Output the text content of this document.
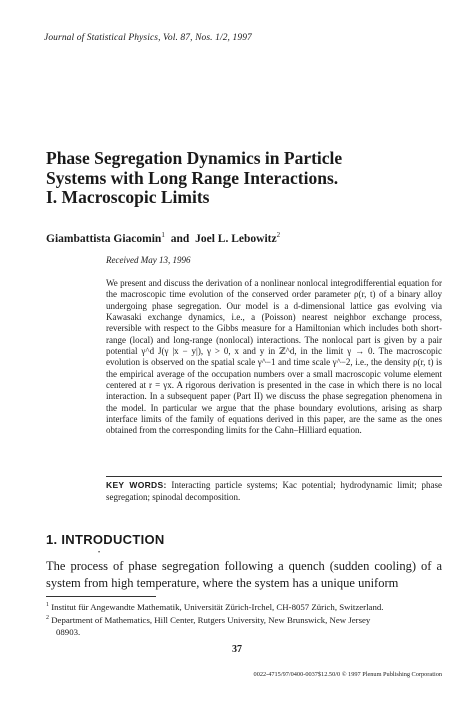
Journal of Statistical Physics, Vol. 87, Nos. 1/2, 1997
Phase Segregation Dynamics in Particle
Systems with Long Range Interactions.
I. Macroscopic Limits
Giambattista Giacomin$^1$ and Joel L. Lebowitz$^2$
Received May 13, 1996

We present and discuss the derivation of a nonlinear nonlocal integrodifferential equation for the macroscopic time evolution of the conserved order parameter ρ(r, t) of a binary alloy undergoing phase segregation. Our model is a d-dimensional lattice gas evolving via Kawasaki exchange dynamics, i.e., a (Poisson) nearest neighbor exchange process, reversible with respect to the Gibbs measure for a Hamiltonian which includes both short-range (local) and long-range (nonlocal) interactions. The nonlocal part is given by a pair potential γ^d J(γ |x − y|), γ > 0, x and y in ℤ^d, in the limit γ → 0. The macroscopic evolution is observed on the spatial scale γ^−1 and time scale γ^−2, i.e., the density ρ(r, t) is the empirical average of the occupation numbers over a small macroscopic volume element centered at r = γx. A rigorous derivation is presented in the case in which there is no local interaction. In a subsequent paper (Part II) we discuss the phase segregation phenomena in the model. In particular we argue that the phase boundary evolutions, arising as sharp interface limits of the family of equations derived in this paper, are the same as the ones obtained from the corresponding limits for the Cahn–Hilliard equation.

KEY WORDS: Interacting particle systems; Kac potential; hydrodynamic limit; phase segregation; spinodal decomposition.
1. INTRODUCTION
•

The process of phase segregation following a quench (sudden cooling) of a system from high temperature, where the system has a unique uniform

$^1$ Institut für Angewandte Mathematik, Universität Zürich-Irchel, CH-8057 Zürich, Switzerland.

$^2$ Department of Mathematics, Hill Center, Rutgers University, New Brunswick, New Jersey

08903.

37
0022-4715/97/0400-0037$12.50/0 © 1997 Plenum Publishing Corporation
